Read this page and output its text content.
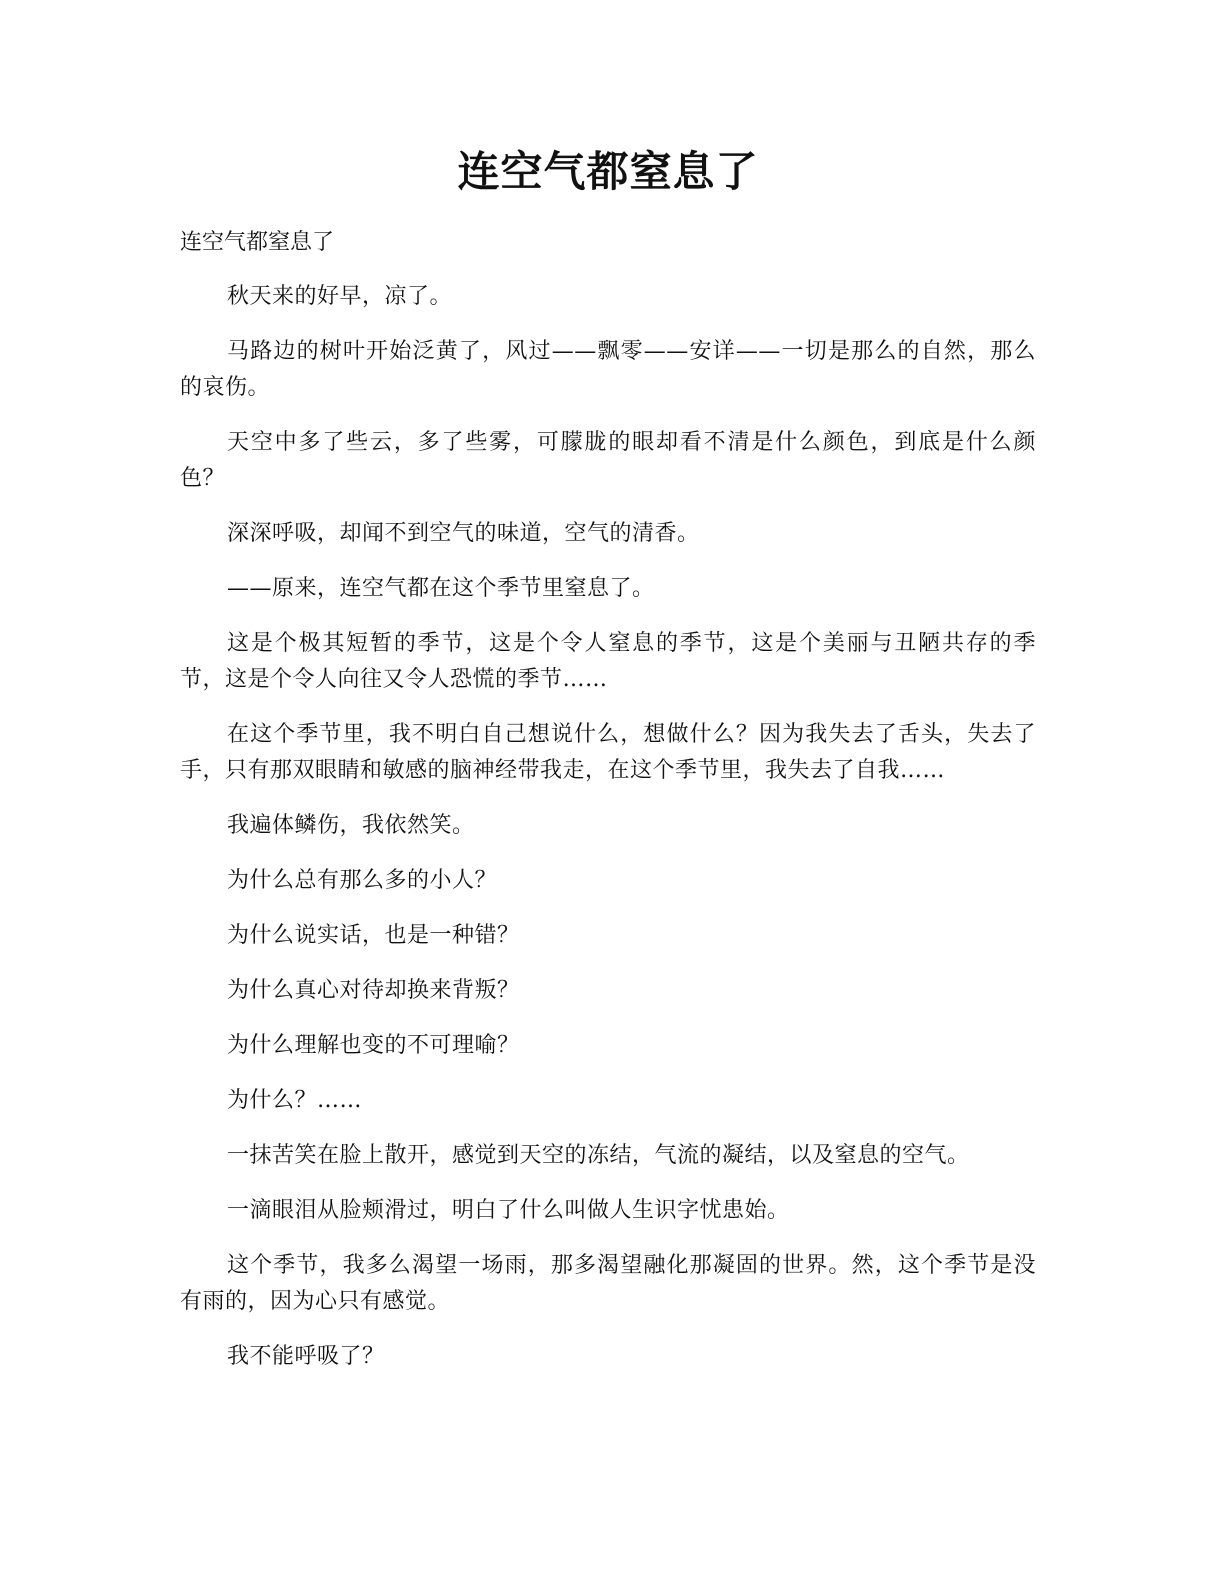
连空气都窒息了

连空气都窒息了

秋天来的好早，凉了。

马路边的树叶开始泛黄了，风过——飘零——安详——一切是那么的自然，那么的哀伤。

天空中多了些云，多了些雾，可朦胧的眼却看不清是什么颜色，到底是什么颜色？

深深呼吸，却闻不到空气的味道，空气的清香。

——原来，连空气都在这个季节里窒息了。

这是个极其短暂的季节，这是个令人窒息的季节，这是个美丽与丑陋共存的季节，这是个令人向往又令人恐慌的季节……

在这个季节里，我不明白自己想说什么，想做什么？因为我失去了舌头，失去了手，只有那双眼睛和敏感的脑神经带我走，在这个季节里，我失去了自我……

我遍体鳞伤，我依然笑。

为什么总有那么多的小人？

为什么说实话，也是一种错？

为什么真心对待却换来背叛？

为什么理解也变的不可理喻？

为什么？……

一抹苦笑在脸上散开，感觉到天空的冻结，气流的凝结，以及窒息的空气。

一滴眼泪从脸颊滑过，明白了什么叫做人生识字忧患始。

这个季节，我多么渴望一场雨，那多渴望融化那凝固的世界。然，这个季节是没有雨的，因为心只有感觉。

我不能呼吸了？
